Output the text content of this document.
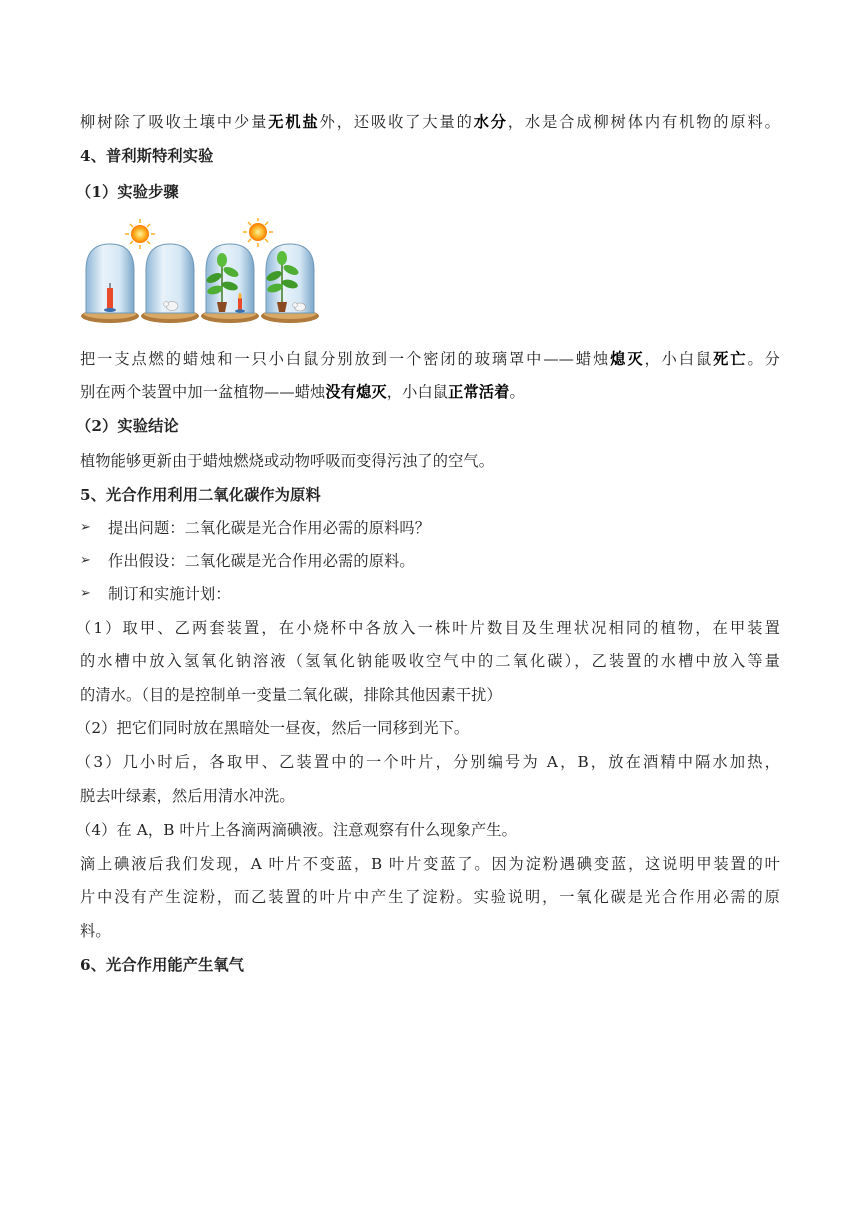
柳树除了吸收土壤中少量无机盐外，还吸收了大量的水分，水是合成柳树体内有机物的原料。
4、普利斯特利实验
（1）实验步骤
把一支点燃的蜡烛和一只小白鼠分别放到一个密闭的玻璃罩中——蜡烛熄灭，小白鼠死亡。分
别在两个装置中加一盆植物——蜡烛没有熄灭，小白鼠正常活着。
（2）实验结论
植物能够更新由于蜡烛燃烧或动物呼吸而变得污浊了的空气。
5、光合作用利用二氧化碳作为原料
➢ 提出问题：二氧化碳是光合作用必需的原料吗？
➢ 作出假设：二氧化碳是光合作用必需的原料。
➢ 制订和实施计划：
（1）取甲、乙两套装置，在小烧杯中各放入一株叶片数目及生理状况相同的植物，在甲装置
的水槽中放入氢氧化钠溶液（氢氧化钠能吸收空气中的二氧化碳），乙装置的水槽中放入等量
的清水。（目的是控制单一变量二氧化碳，排除其他因素干扰）
（2）把它们同时放在黑暗处一昼夜，然后一同移到光下。
（3）几小时后，各取甲、乙装置中的一个叶片，分别编号为 A，B，放在酒精中隔水加热，
脱去叶绿素，然后用清水冲洗。
（4）在 A，B 叶片上各滴两滴碘液。注意观察有什么现象产生。
滴上碘液后我们发现，A 叶片不变蓝，B 叶片变蓝了。因为淀粉遇碘变蓝，这说明甲装置的叶
片中没有产生淀粉，而乙装置的叶片中产生了淀粉。实验说明，一氧化碳是光合作用必需的原
料。
6、光合作用能产生氧气
